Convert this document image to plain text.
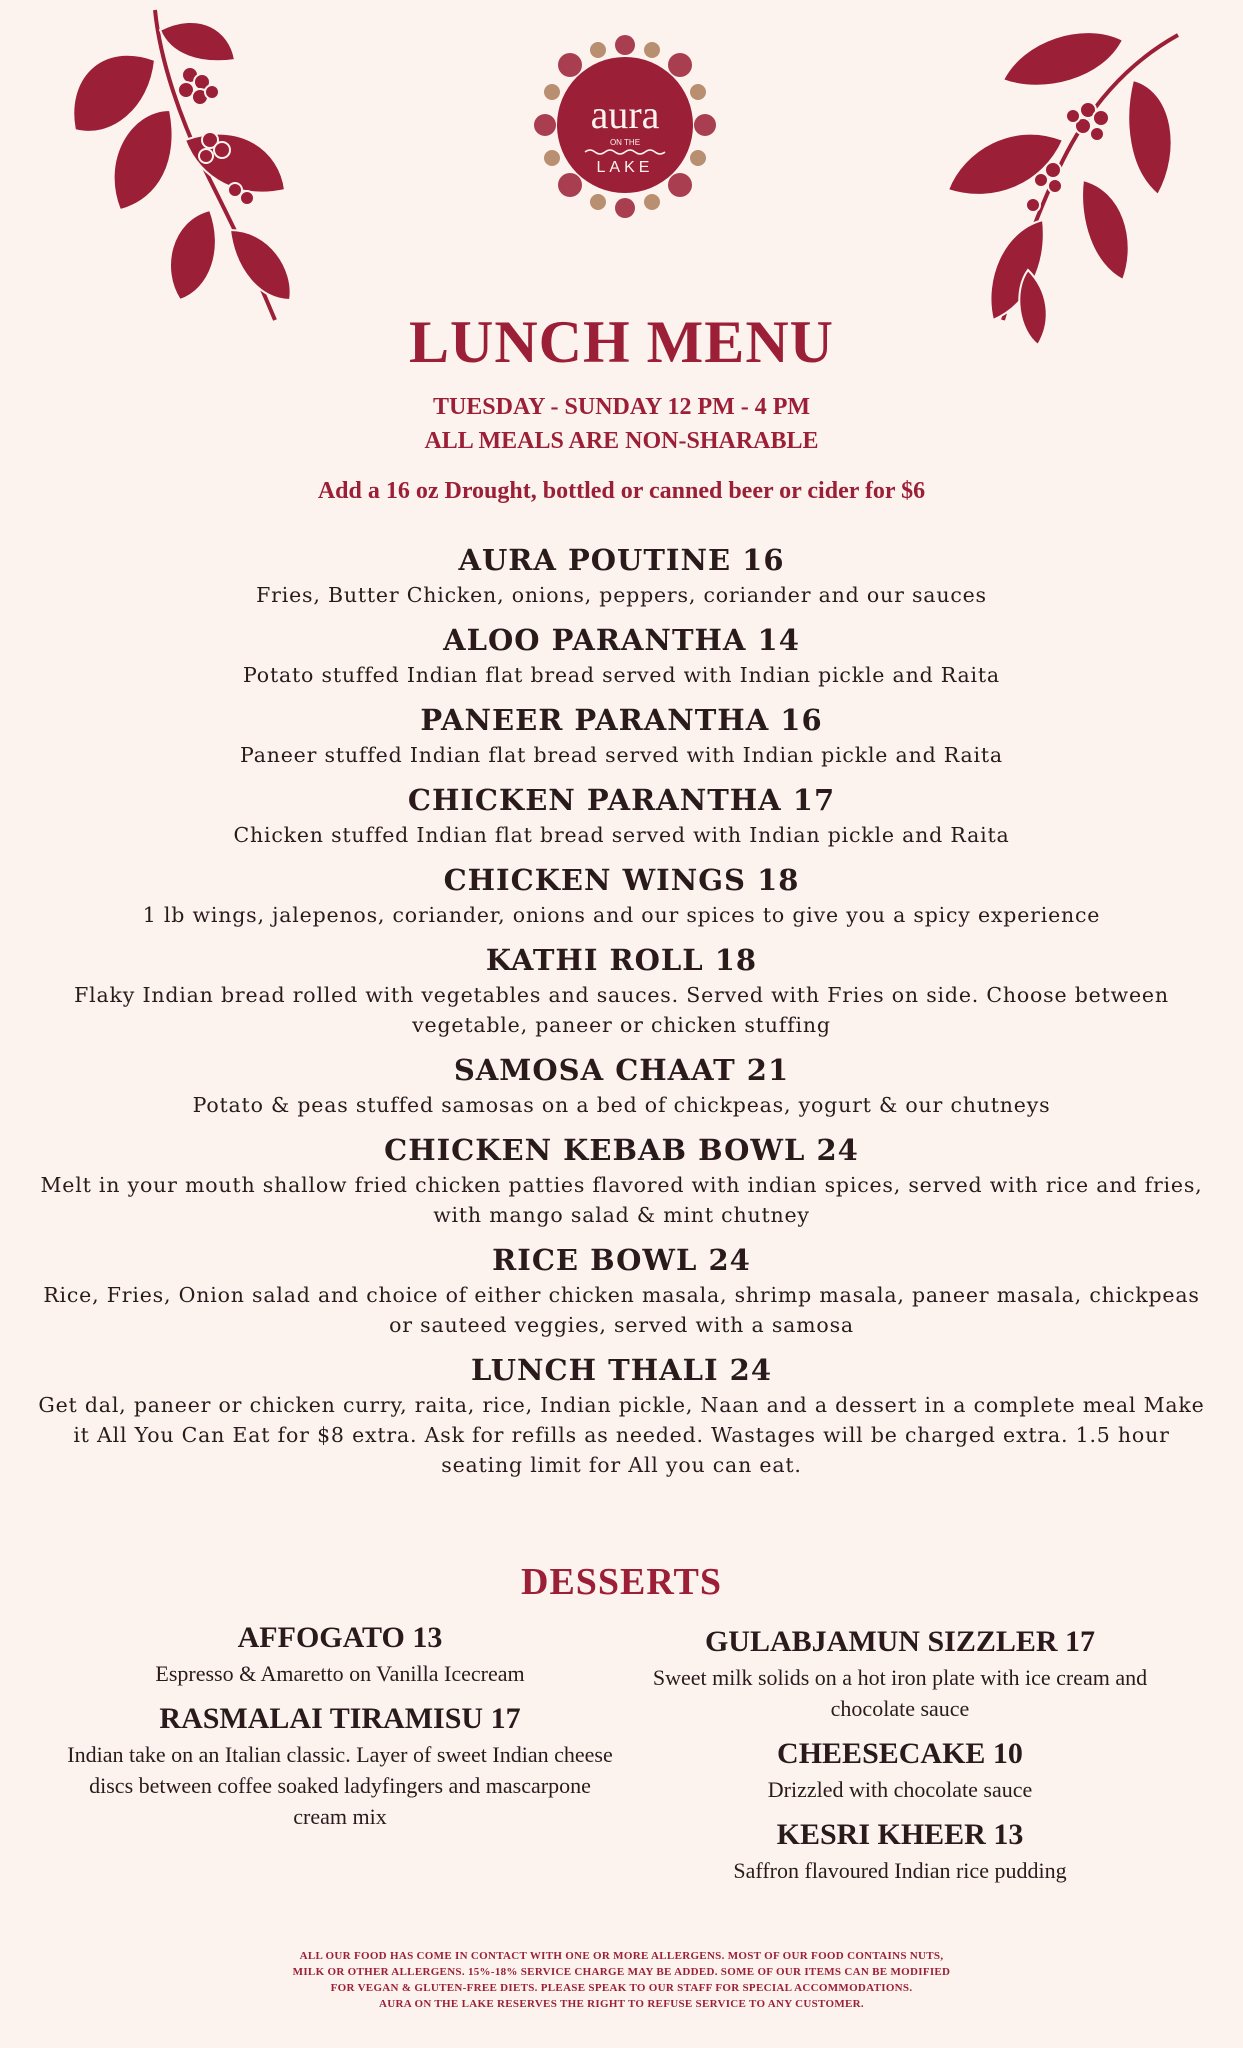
aura
ON THE
LAKE
LUNCH MENU
TUESDAY - SUNDAY 12 PM - 4 PM
ALL MEALS ARE NON-SHARABLE
Add a 16 oz Drought, bottled or canned beer or cider for $6
AURA POUTINE 16
Fries, Butter Chicken, onions, peppers, coriander and our sauces
ALOO PARANTHA 14
Potato stuffed Indian flat bread served with Indian pickle and Raita
PANEER PARANTHA 16
Paneer stuffed Indian flat bread served with Indian pickle and Raita
CHICKEN PARANTHA 17
Chicken stuffed Indian flat bread served with Indian pickle and Raita
CHICKEN WINGS 18
1 lb wings, jalepenos, coriander, onions and our spices to give you a spicy experience
KATHI ROLL 18
Flaky Indian bread rolled with vegetables and sauces. Served with Fries on side. Choose between vegetable, paneer or chicken stuffing
SAMOSA CHAAT 21
Potato & peas stuffed samosas on a bed of chickpeas, yogurt & our chutneys
CHICKEN KEBAB BOWL 24
Melt in your mouth shallow fried chicken patties flavored with indian spices, served with rice and fries, with mango salad & mint chutney
RICE BOWL 24
Rice, Fries, Onion salad and choice of either chicken masala, shrimp masala, paneer masala, chickpeas or sauteed veggies, served with a samosa
LUNCH THALI 24
Get dal, paneer or chicken curry, raita, rice, Indian pickle, Naan and a dessert in a complete meal Make it All You Can Eat for $8 extra. Ask for refills as needed. Wastages will be charged extra. 1.5 hour seating limit for All you can eat.
DESSERTS
AFFOGATO 13
Espresso & Amaretto on Vanilla Icecream
RASMALAI TIRAMISU 17
Indian take on an Italian classic. Layer of sweet Indian cheese discs between coffee soaked ladyfingers and mascarpone cream mix
GULABJAMUN SIZZLER 17
Sweet milk solids on a hot iron plate with ice cream and chocolate sauce
CHEESECAKE 10
Drizzled with chocolate sauce
KESRI KHEER 13
Saffron flavoured Indian rice pudding
ALL OUR FOOD HAS COME IN CONTACT WITH ONE OR MORE ALLERGENS. MOST OF OUR FOOD CONTAINS NUTS,
MILK OR OTHER ALLERGENS. 15%-18% SERVICE CHARGE MAY BE ADDED. SOME OF OUR ITEMS CAN BE MODIFIED
FOR VEGAN & GLUTEN-FREE DIETS. PLEASE SPEAK TO OUR STAFF FOR SPECIAL ACCOMMODATIONS.
AURA ON THE LAKE RESERVES THE RIGHT TO REFUSE SERVICE TO ANY CUSTOMER.
